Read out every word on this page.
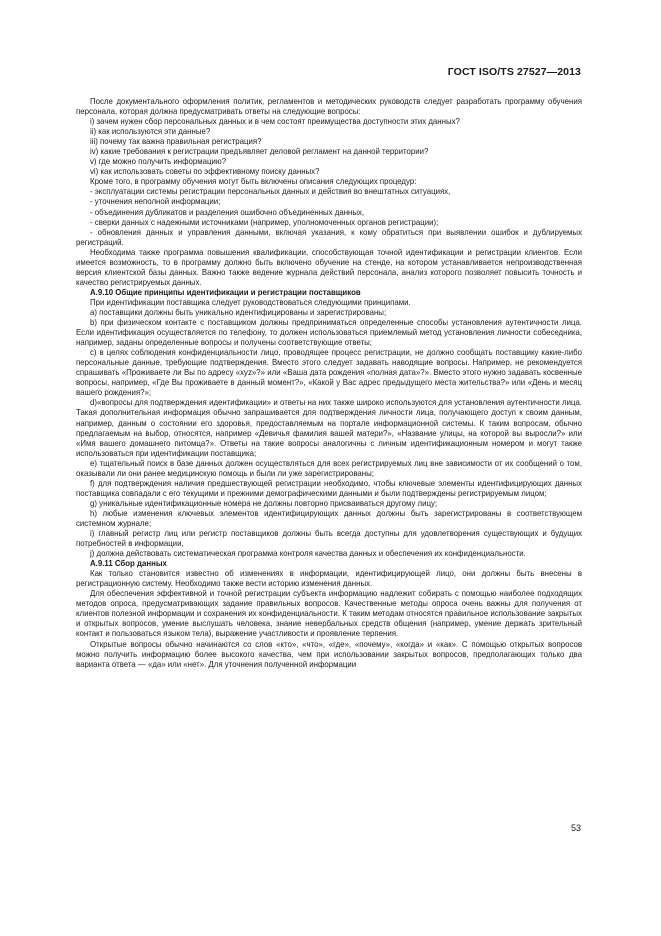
ГОСТ ISO/TS 27527—2013

После документального оформления политик, регламентов и методических руководств следует разработать программу обучения персонала, которая должна предусматривать ответы на следующие вопросы:

i) зачем нужен сбор персональных данных и в чем состоят преимущества доступности этих данных?

ii) как используются эти данные?

iii) почему так важна правильная регистрация?

iv) какие требования к регистрации предъявляет деловой регламент на данной территории?

v) где можно получить информацию?

vi) как использовать советы по эффективному поиску данных?

Кроме того, в программу обучения могут быть включены описания следующих процедур:

- эксплуатации системы регистрации персональных данных и действия во внештатных ситуациях,

- уточнения неполной информации;

- объединения дубликатов и разделения ошибочно объединенных данных,

- сверки данных с надежными источниками (например, уполномоченных органов регистрации);

- обновления данных и управления данными, включая указания, к кому обратиться при выявлении ошибок и дублируемых регистраций.

Необходима также программа повышения квалификации, способствующая точной идентификации и регистрации клиентов. Если имеется возможность, то в программу должно быть включено обучение на стенде, на котором устанавливается непроизводственная версия клиентской базы данных. Важно также ведение журнала действий персонала, анализ которого позволяет повысить точность и качество регистрируемых данных.

А.9.10 Общие принципы идентификации и регистрации поставщиков

При идентификации поставщика следует руководствоваться следующими принципами.

a) поставщики должны быть уникально идентифицированы и зарегистрированы;

b) при физическом контакте с поставщиком должны предприниматься определенные способы установления аутентичности лица. Если идентификация осуществляется по телефону, то должен использоваться приемлемый метод установления личности собеседника, например, заданы определенные вопросы и получены соответствующие ответы;

c) в целях соблюдения конфиденциальности лицо, проводящее процесс регистрации, не должно сообщать поставщику какие-либо персональные данные, требующие подтверждения. Вместо этого следует задавать наводящие вопросы. Например, не рекомендуется спрашивать «Проживаете ли Вы по адресу «xyz»?» или «Ваша дата рождения «полная дата»?». Вместо этого нужно задавать косвенные вопросы, например, «Где Вы проживаете в данный момент?», «Какой у Вас адрес предыдущего места жительства?» или «День и месяц вашего рождения?»;

d)«вопросы для подтверждения идентификации» и ответы на них также широко используются для установления аутентичности лица. Такая дополнительная информация обычно запрашивается для подтверждения личности лица, получающего доступ к своим данным, например, данным о состоянии его здоровья, предоставляемым на портале информационной системы. К таким вопросам, обычно предлагаемым на выбор, относятся, например «Девичья фамилия вашей матери?», «Название улицы, на которой вы выросли?» или «Имя вашего домашнего питомца?». Ответы на такие вопросы аналогичны с личным идентификационным номером и могут также использоваться при идентификации поставщика;

e) тщательный поиск в базе данных должен осуществляться для всех регистрируемых лиц вне зависимости от их сообщений о том, оказывали ли они ранее медицинскую помощь и были ли уже зарегистрированы;

f) для подтверждения наличия предшествующей регистрации необходимо, чтобы ключевые элементы идентифицирующих данных поставщика совпадали с его текущими и прежними демографическими данными и были подтверждены регистрируемым лицом;

g) уникальные идентификационные номера не должны повторно присваиваться другому лицу;

h) любые изменения ключевых элементов идентифицирующих данных должны быть зарегистрированы в соответствующем системном журнале;

i) главный регистр лиц или регистр поставщиков должны быть всегда доступны для удовлетворения существующих и будущих потребностей в информации,

j) должна действовать систематическая программа контроля качества данных и обеспечения их конфиденциальности.

А.9.11 Сбор данных

Как только становится известно об изменениях в информации, идентифицирующей лицо, они должны быть внесены в регистрационную систему. Необходимо также вести историю изменения данных.

Для обеспечения эффективной и точной регистрации субъекта информацию надлежит собирать с помощью наиболее подходящих методов опроса, предусматривающих задание правильных вопросов. Качественные методы опроса очень важны для получения от клиентов полезной информации и сохранения их конфиденциальности. К таким методам относятся правильное использование закрытых и открытых вопросов, умение выслушать человека, знание невербальных средств общения (например, умение держать зрительный контакт и пользоваться языком тела), выражение участливости и проявление терпения.

Открытые вопросы обычно начинаются со слов «кто», «что», «где», «почему», «когда» и «как». С помощью открытых вопросов можно получить информацию более высокого качества, чем при использовании закрытых вопросов, предполагающих только два варианта ответа — «да» или «нет». Для уточнения полученной информации

53
